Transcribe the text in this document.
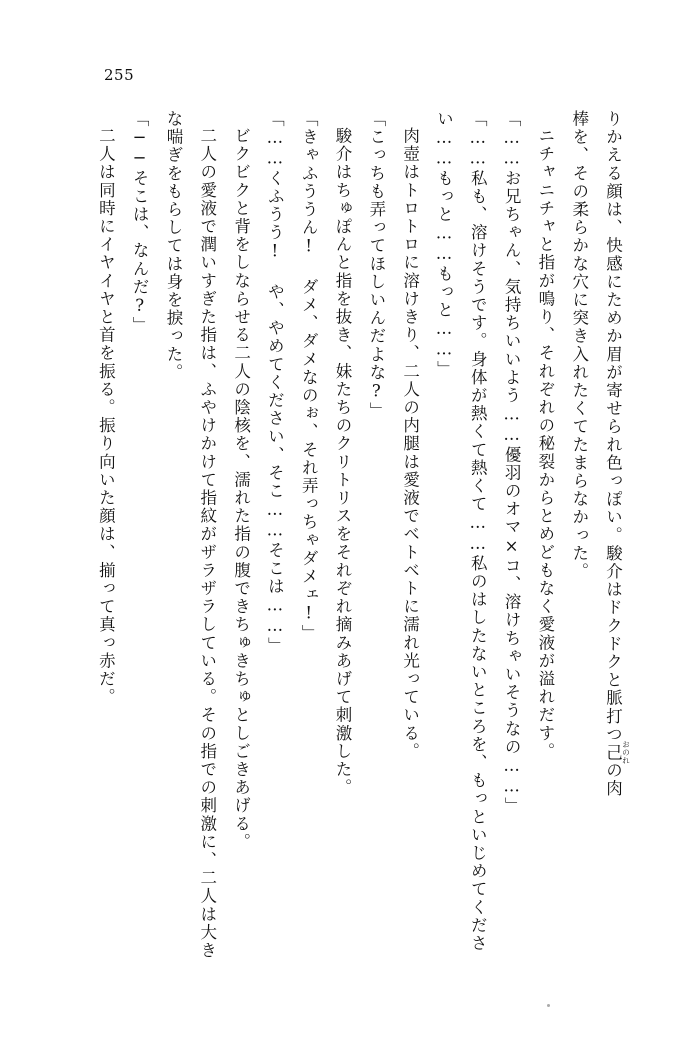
255

りかえる顔は、快感にためか眉が寄せられ色っぽい。駿介はドクドクと脈打つ己 おのれの肉

棒を、その柔らかな穴に突き入れたくてたまらなかった。

ニチャニチャと指が鳴り、それぞれの秘裂からとめどもなく愛液が溢れだす。

「……お兄ちゃん、気持ちいいよう……優羽のオマ×コ、溶けちゃいそうなの……」

「……私も、溶けそうです。身体が熱くて熱くて……私のはしたないところを、もっといじめてください……もっと……もっと……」

肉壺はトロトロに溶けきり、二人の内腿は愛液でベトベトに濡れ光っている。

「こっちも弄ってほしいんだよな?」

駿介はちゅぽんと指を抜き、妹たちのクリトリスをそれぞれ摘みあげて刺激した。

「きゃふううん! ダメ、ダメなのぉ、それ弄っちゃダメェ!」

「……くふうう! や、やめてください、そこ……そこは……」

ビクビクと背をしならせる二人の陰核を、濡れた指の腹できちゅきちゅとしごきあげる。

二人の愛液で潤いすぎた指は、ふやけかけて指紋がザラザラしている。その指での刺激に、二人は大きな喘ぎをもらしては身を捩った。

「──そこは、なんだ?」

二人は同時にイヤイヤと首を振る。振り向いた顔は、揃って真っ赤だ。
